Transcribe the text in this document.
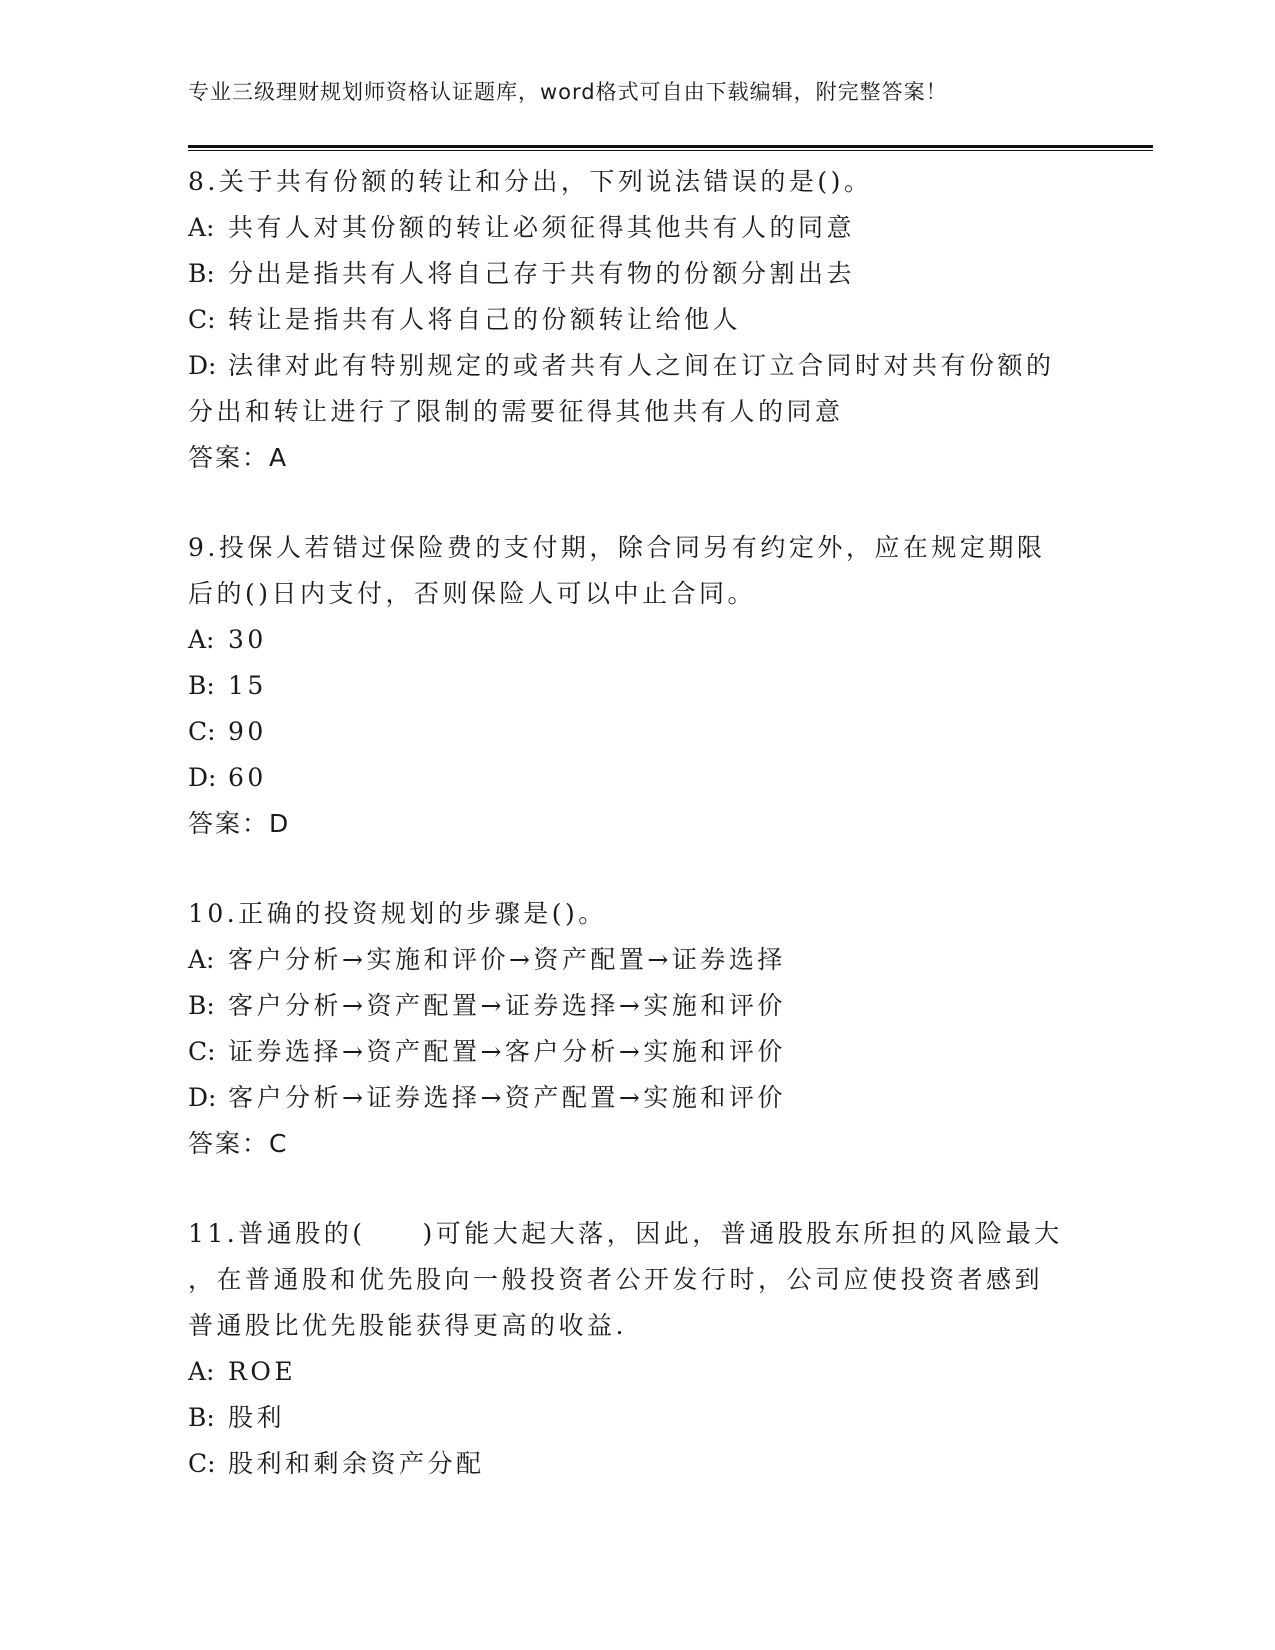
专业三级理财规划师资格认证题库，word格式可自由下载编辑，附完整答案！
8.关于共有份额的转让和分出，下列说法错误的是()。
A: 共有人对其份额的转让必须征得其他共有人的同意
B: 分出是指共有人将自己存于共有物的份额分割出去
C: 转让是指共有人将自己的份额转让给他人
D: 法律对此有特别规定的或者共有人之间在订立合同时对共有份额的
分出和转让进行了限制的需要征得其他共有人的同意
答案：A
9.投保人若错过保险费的支付期，除合同另有约定外，应在规定期限
后的()日内支付，否则保险人可以中止合同。
A: 30
B: 15
C: 90
D: 60
答案：D
10.正确的投资规划的步骤是()。
A: 客户分析→实施和评价→资产配置→证券选择
B: 客户分析→资产配置→证券选择→实施和评价
C: 证券选择→资产配置→客户分析→实施和评价
D: 客户分析→证券选择→资产配置→实施和评价
答案：C
11.普通股的(　　)可能大起大落，因此，普通股股东所担的风险最大
，在普通股和优先股向一般投资者公开发行时，公司应使投资者感到
普通股比优先股能获得更高的收益.
A: ROE
B: 股利
C: 股利和剩余资产分配
